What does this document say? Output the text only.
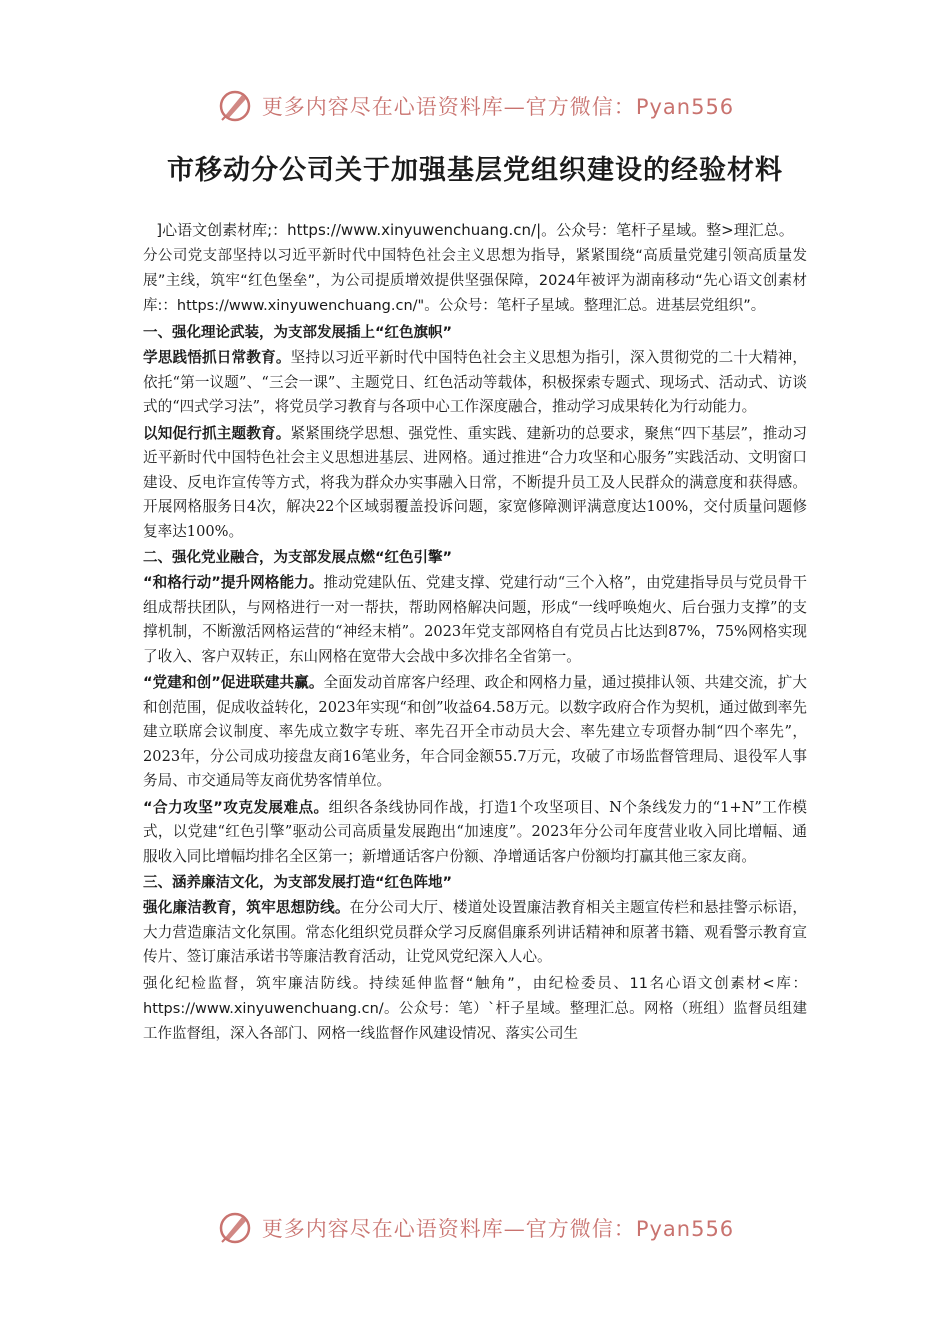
更多内容尽在心语资料库—官方微信：Pyan556
市移动分公司关于加强基层党组织建设的经验材料

]心语文创素材库;：https://www.xinyuwenchuang.cn/|。公众号：笔杆子星域。整>理汇总。

分公司党支部坚持以习近平新时代中国特色社会主义思想为指导，紧紧围绕“高质量党建引领高质量发展”主线，筑牢“红色堡垒”，为公司提质增效提供坚强保障，2024年被评为湖南移动“先心语文创素材库:：https://www.xinyuwenchuang.cn/"。公众号：笔杆子星域。整理汇总。进基层党组织”。

一、强化理论武装，为支部发展插上“红色旗帜”

学思践悟抓日常教育。坚持以习近平新时代中国特色社会主义思想为指引，深入贯彻党的二十大精神，依托“第一议题”、“三会一课”、主题党日、红色活动等载体，积极探索专题式、现场式、活动式、访谈式的“四式学习法”，将党员学习教育与各项中心工作深度融合，推动学习成果转化为行动能力。

以知促行抓主题教育。紧紧围绕学思想、强党性、重实践、建新功的总要求，聚焦“四下基层”，推动习近平新时代中国特色社会主义思想进基层、进网格。通过推进“合力攻坚和心服务”实践活动、文明窗口建设、反电诈宣传等方式，将我为群众办实事融入日常，不断提升员工及人民群众的满意度和获得感。开展网格服务日4次，解决22个区域弱覆盖投诉问题，家宽修障测评满意度达100%，交付质量问题修复率达100%。

二、强化党业融合，为支部发展点燃“红色引擎”

“和格行动”提升网格能力。推动党建队伍、党建支撑、党建行动“三个入格”，由党建指导员与党员骨干组成帮扶团队，与网格进行一对一帮扶，帮助网格解决问题，形成“一线呼唤炮火、后台强力支撑”的支撑机制，不断激活网格运营的“神经末梢”。2023年党支部网格自有党员占比达到87%，75%网格实现了收入、客户双转正，东山网格在宽带大会战中多次排名全省第一。

“党建和创”促进联建共赢。全面发动首席客户经理、政企和网格力量，通过摸排认领、共建交流，扩大和创范围，促成收益转化，2023年实现“和创”收益64.58万元。以数字政府合作为契机，通过做到率先建立联席会议制度、率先成立数字专班、率先召开全市动员大会、率先建立专项督办制“四个率先”，2023年，分公司成功接盘友商16笔业务，年合同金额55.7万元，攻破了市场监督管理局、退役军人事务局、市交通局等友商优势客情单位。

“合力攻坚”攻克发展难点。组织各条线协同作战，打造1个攻坚项目、N个条线发力的“1+N”工作模式，以党建“红色引擎”驱动公司高质量发展跑出“加速度”。2023年分公司年度营业收入同比增幅、通服收入同比增幅均排名全区第一；新增通话客户份额、净增通话客户份额均打赢其他三家友商。

三、涵养廉洁文化，为支部发展打造“红色阵地”

强化廉洁教育，筑牢思想防线。在分公司大厅、楼道处设置廉洁教育相关主题宣传栏和悬挂警示标语，大力营造廉洁文化氛围。常态化组织党员群众学习反腐倡廉系列讲话精神和原著书籍、观看警示教育宣传片、签订廉洁承诺书等廉洁教育活动，让党风党纪深入人心。

强化纪检监督，筑牢廉洁防线。持续延伸监督“触角”，由纪检委员、11名心语文创素材<库：https://www.xinyuwenchuang.cn/。公众号：笔）`杆子星域。整理汇总。网格（班组）监督员组建工作监督组，深入各部门、网格一线监督作风建设情况、落实公司生

更多内容尽在心语资料库—官方微信：Pyan556
